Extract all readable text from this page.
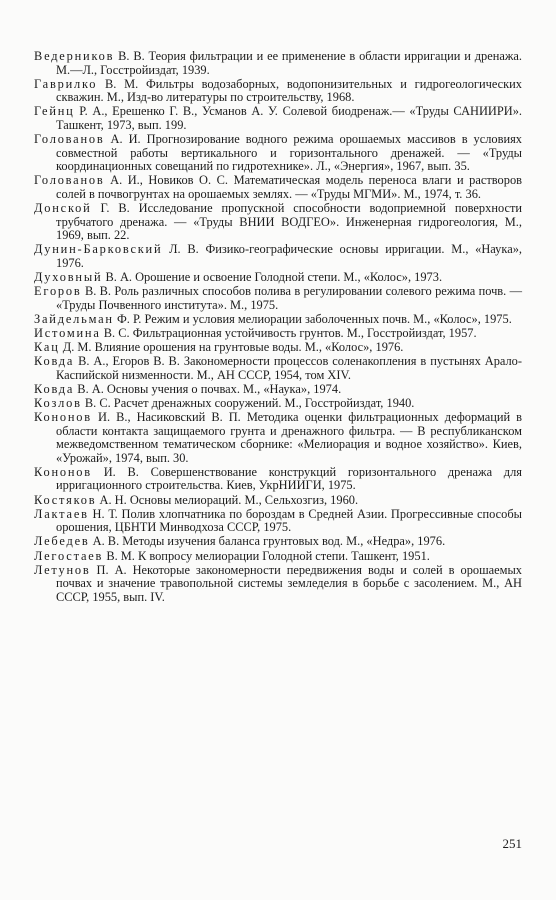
Ведерников В. В. Теория фильтрации и ее применение в области ирригации и дренажа. М.—Л., Госстройиздат, 1939.
Гаврилко В. М. Фильтры водозаборных, водопонизительных и гидрогеологических скважин. М., Изд-во литературы по строительству, 1968.
Гейнц Р. А., Ерешенко Г. В., Усманов А. У. Солевой биодренаж.— «Труды САНИИРИ». Ташкент, 1973, вып. 199.
Голованов А. И. Прогнозирование водного режима орошаемых массивов в условиях совместной работы вертикального и горизонтального дренажей. — «Труды координационных совещаний по гидротехнике». Л., «Энергия», 1967, вып. 35.
Голованов А. И., Новиков О. С. Математическая модель переноса влаги и растворов солей в почвогрунтах на орошаемых землях. — «Труды МГМИ». М., 1974, т. 36.
Донской Г. В. Исследование пропускной способности водоприемной поверхности трубчатого дренажа. — «Труды ВНИИ ВОДГЕО». Инженерная гидрогеология, М., 1969, вып. 22.
Дунин-Барковский Л. В. Физико-географические основы ирригации. М., «Наука», 1976.
Духовный В. А. Орошение и освоение Голодной степи. М., «Колос», 1973.
Егоров В. В. Роль различных способов полива в регулировании солевого режима почв. — «Труды Почвенного института». М., 1975.
Зайдельман Ф. Р. Режим и условия мелиорации заболоченных почв. М., «Колос», 1975.
Истомина В. С. Фильтрационная устойчивость грунтов. М., Госстройиздат, 1957.
Кац Д. М. Влияние орошения на грунтовые воды. М., «Колос», 1976.
Ковда В. А., Егоров В. В. Закономерности процессов соленакопления в пустынях Арало-Каспийской низменности. М., АН СССР, 1954, том XIV.
Ковда В. А. Основы учения о почвах. М., «Наука», 1974.
Козлов В. С. Расчет дренажных сооружений. М., Госстройиздат, 1940.
Кононов И. В., Насиковский В. П. Методика оценки фильтрационных деформаций в области контакта защищаемого грунта и дренажного фильтра. — В республиканском межведомственном тематическом сборнике: «Мелиорация и водное хозяйство». Киев, «Урожай», 1974, вып. 30.
Кононов И. В. Совершенствование конструкций горизонтального дренажа для ирригационного строительства. Киев, УкрНИИГИ, 1975.
Костяков А. Н. Основы мелиораций. М., Сельхозгиз, 1960.
Лактаев Н. Т. Полив хлопчатника по бороздам в Средней Азии. Прогрессивные способы орошения, ЦБНТИ Минводхоза СССР, 1975.
Лебедев А. В. Методы изучения баланса грунтовых вод. М., «Недра», 1976.
Легостаев В. М. К вопросу мелиорации Голодной степи. Ташкент, 1951.
Летунов П. А. Некоторые закономерности передвижения воды и солей в орошаемых почвах и значение травопольной системы земледелия в борьбе с засолением. М., АН СССР, 1955, вып. IV.
251
